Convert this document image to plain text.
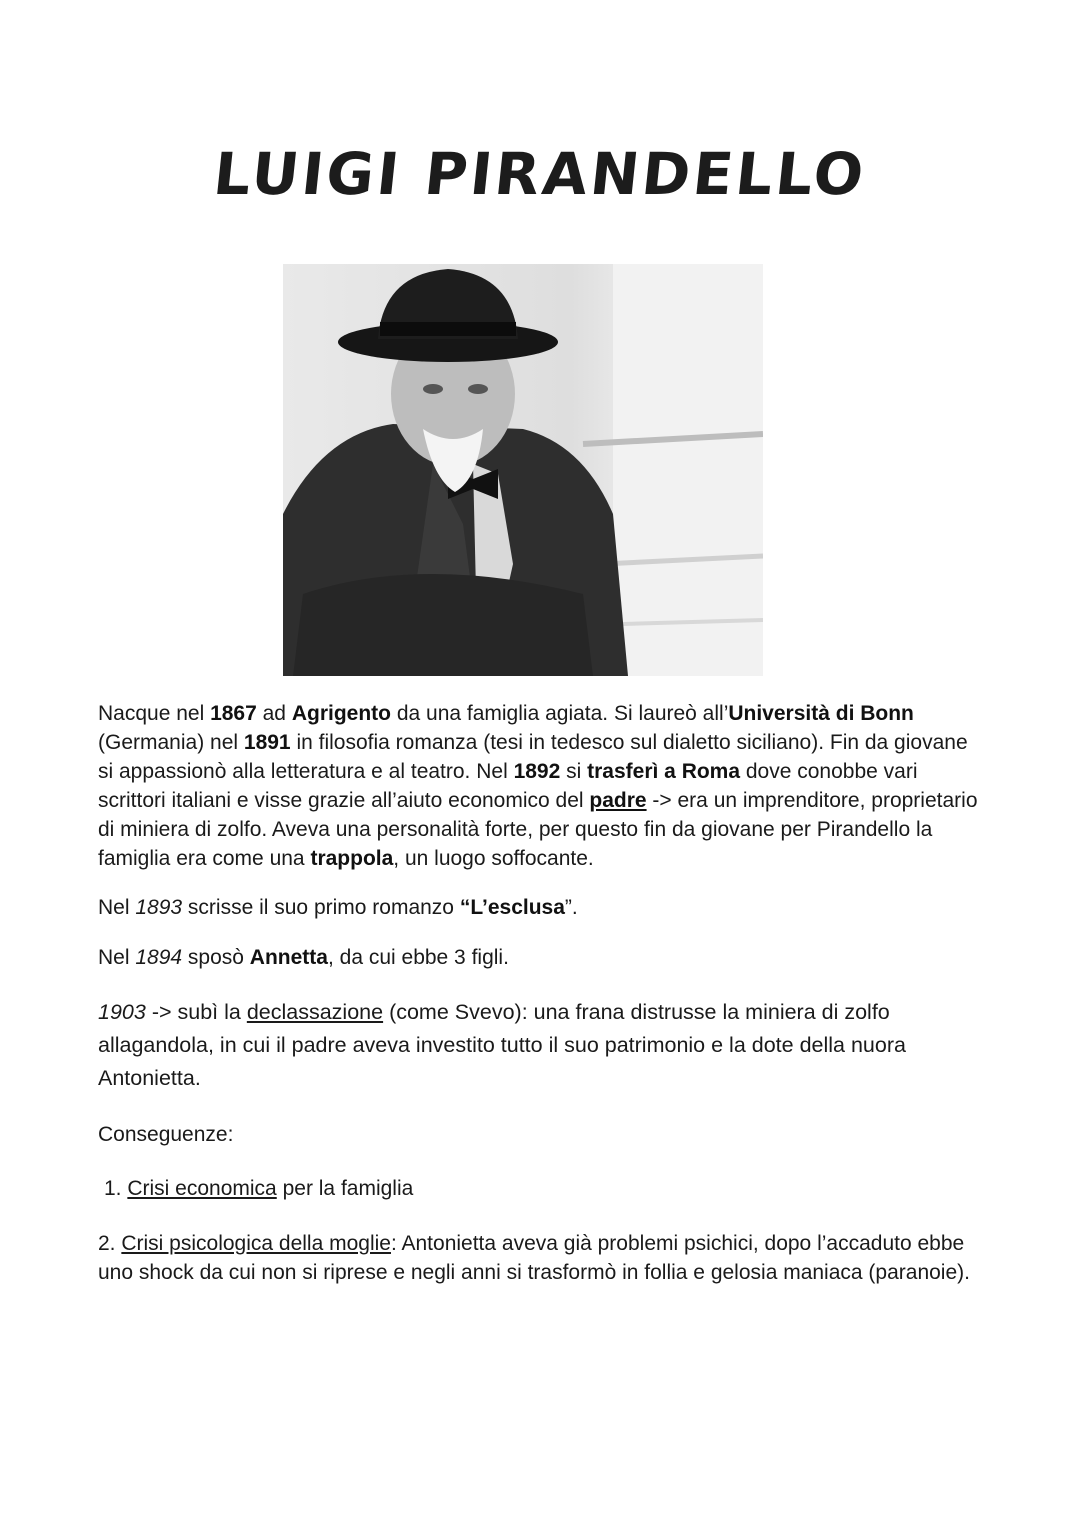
LUIGI PIRANDELLO
Nacque nel 1867 ad Agrigento da una famiglia agiata. Si laureò all’Università di Bonn (Germania) nel 1891 in filosofia romanza (tesi in tedesco sul dialetto siciliano). Fin da giovane si appassionò alla letteratura e al teatro. Nel 1892 si trasferì a Roma dove conobbe vari scrittori italiani e visse grazie all’aiuto economico del padre -> era un imprenditore, proprietario di miniera di zolfo. Aveva una personalità forte, per questo fin da giovane per Pirandello la famiglia era come una trappola, un luogo soffocante.
Nel 1893 scrisse il suo primo romanzo “L’esclusa”.
Nel 1894 sposò Annetta, da cui ebbe 3 figli.
1903 -> subì la declassazione (come Svevo): una frana distrusse la miniera di zolfo allagandola, in cui il padre aveva investito tutto il suo patrimonio e la dote della nuora Antonietta.
Conseguenze:
1. Crisi economica per la famiglia
2. Crisi psicologica della moglie: Antonietta aveva già problemi psichici, dopo l’accaduto ebbe uno shock da cui non si riprese e negli anni si trasformò in follia e gelosia maniaca (paranoie).
